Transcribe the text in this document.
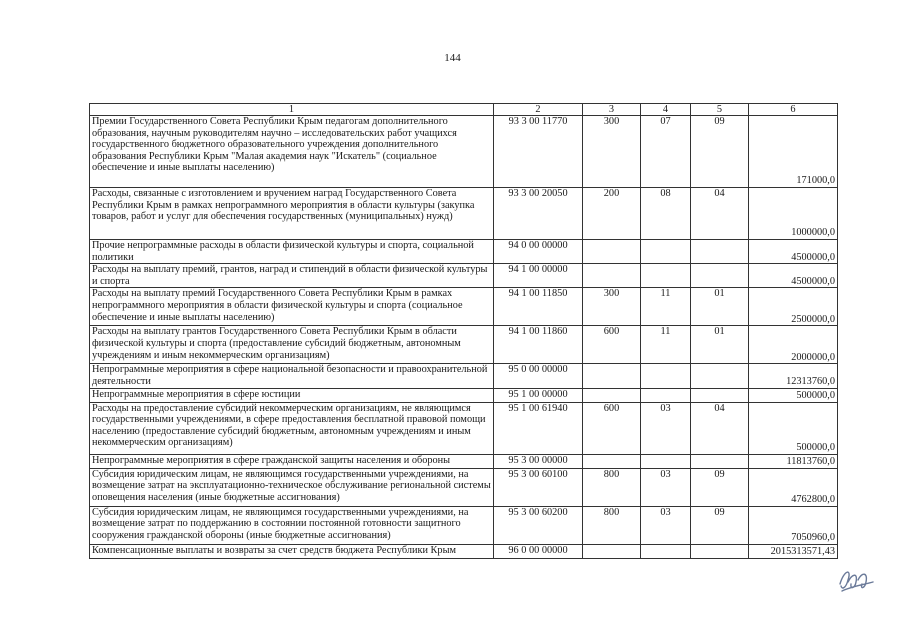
144
1	2	3	4	5	6
Премии Государственного Совета Республики Крым педагогам дополнительного образования, научным руководителям научно – исследовательских работ учащихся государственного бюджетного образовательного учреждения дополнительного образования Республики Крым "Малая академия наук "Искатель" (социальное обеспечение и иные выплаты населению)	93 3 00 11770	300	07	09	171000,0
Расходы, связанные с изготовлением и вручением наград Государственного Совета Республики Крым в рамках непрограммного мероприятия в области культуры (закупка товаров, работ и услуг для обеспечения государственных (муниципальных) нужд)	93 3 00 20050	200	08	04	1000000,0
Прочие непрограммные расходы в области физической культуры и спорта, социальной политики	94 0 00 00000				4500000,0
Расходы на выплату премий, грантов, наград и стипендий в области физической культуры и спорта	94 1 00 00000				4500000,0
Расходы на выплату премий Государственного Совета Республики Крым в рамках непрограммного мероприятия в области физической культуры и спорта (социальное обеспечение и иные выплаты населению)	94 1 00 11850	300	11	01	2500000,0
Расходы на выплату грантов Государственного Совета Республики Крым в области физической культуры и спорта (предоставление субсидий бюджетным, автономным учреждениям и иным некоммерческим организациям)	94 1 00 11860	600	11	01	2000000,0
Непрограммные мероприятия в сфере национальной безопасности и правоохранительной деятельности	95 0 00 00000				12313760,0
Непрограммные мероприятия в сфере юстиции	95 1 00 00000				500000,0
Расходы на предоставление субсидий некоммерческим организациям, не являющимся государственными учреждениями, в сфере предоставления бесплатной правовой помощи населению (предоставление субсидий бюджетным, автономным учреждениям и иным некоммерческим организациям)	95 1 00 61940	600	03	04	500000,0
Непрограммные мероприятия в сфере гражданской защиты населения и обороны	95 3 00 00000				11813760,0
Субсидия юридическим лицам, не являющимся государственными учреждениями, на возмещение затрат на эксплуатационно-техническое обслуживание региональной системы оповещения населения (иные бюджетные ассигнования)	95 3 00 60100	800	03	09	4762800,0
Субсидия юридическим лицам, не являющимся государственными учреждениями, на возмещение затрат по поддержанию в состоянии постоянной готовности защитного сооружения гражданской обороны (иные бюджетные ассигнования)	95 3 00 60200	800	03	09	7050960,0
Компенсационные выплаты и возвраты за счет средств бюджета Республики Крым	96 0 00 00000				2015313571,43
